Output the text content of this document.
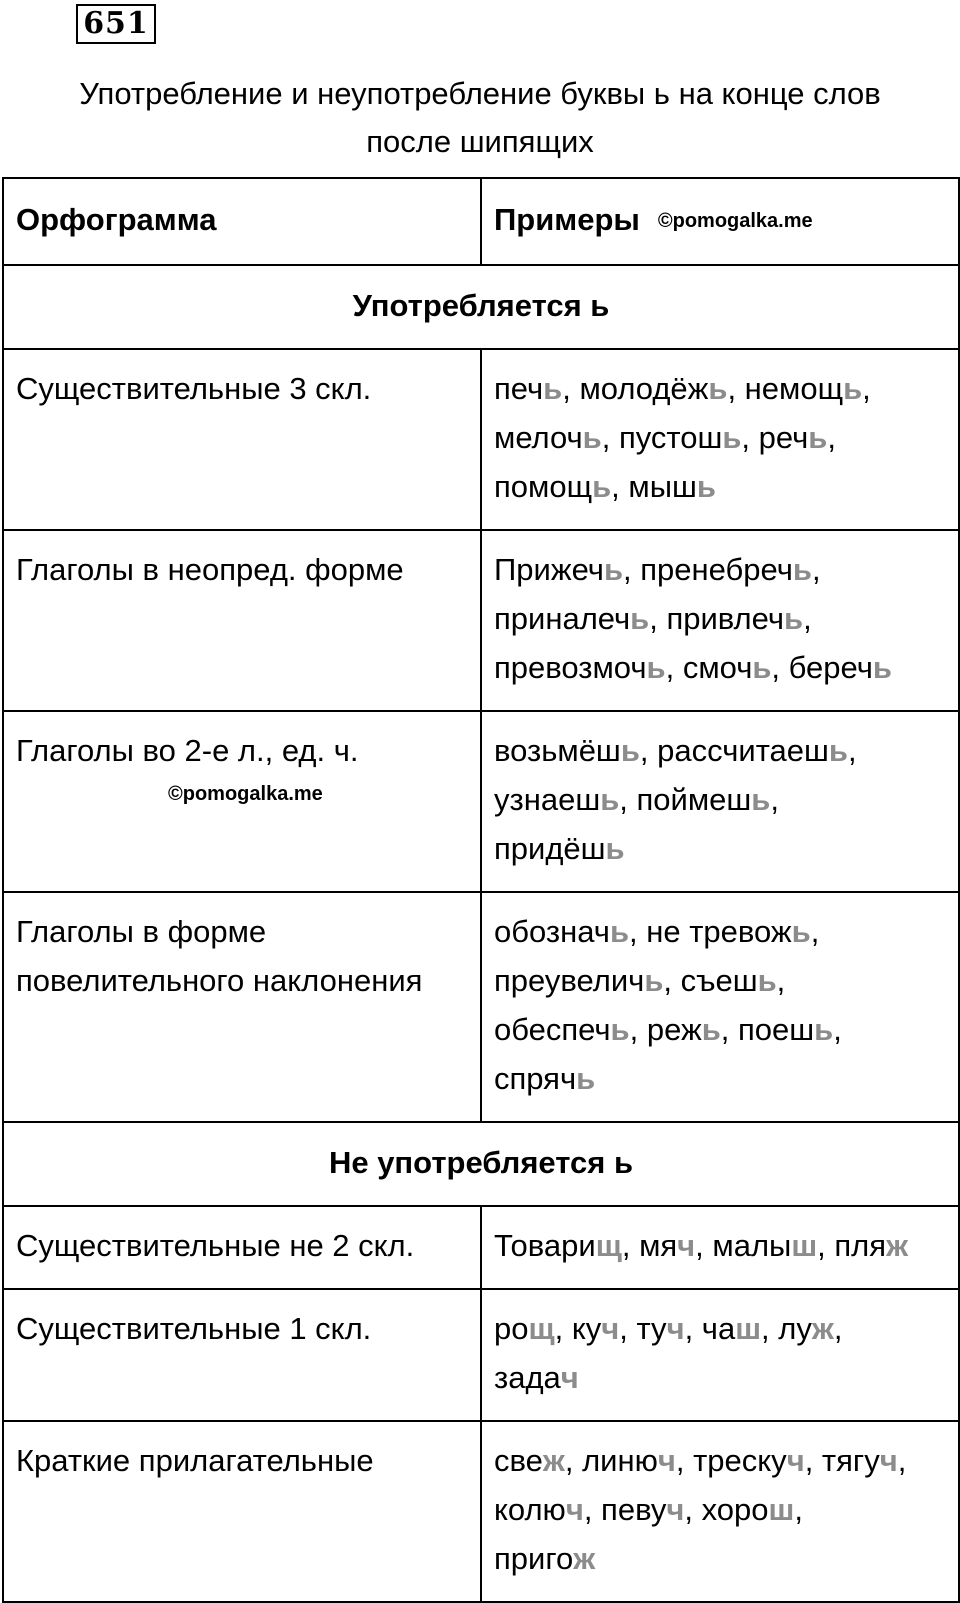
651
Употребление и неупотребление буквы ь на конце слов
после шипящих
Орфограмма	Примеры ©pomogalka.me
Употребляется ь	

Существительные 3 скл.	печь, молодёжь, немощь,
мелочь, пустошь, речь,
помощь, мышь

Глаголы в неопред. форме	Прижечь, пренебречь,
приналечь, привлечь,
превозмочь, смочь, беречь

Глаголы во 2-е л., ед. ч.
©pomogalka.me	возьмёшь, рассчитаешь,
узнаешь, поймешь,
придёшь

Глаголы в форме
повелительного наклонения	обозначь, не тревожь,
преувеличь, съешь,
обеспечь, режь, поешь,
спрячь

Не употребляется ь	

Существительные не 2 скл.	Товарищ, мяч, малыш, пляж

Существительные 1 скл.	рощ, куч, туч, чаш, луж,
задач

Краткие прилагательные	свеж, линюч, трескуч, тягуч,
колюч, певуч, хорош,
пригож
